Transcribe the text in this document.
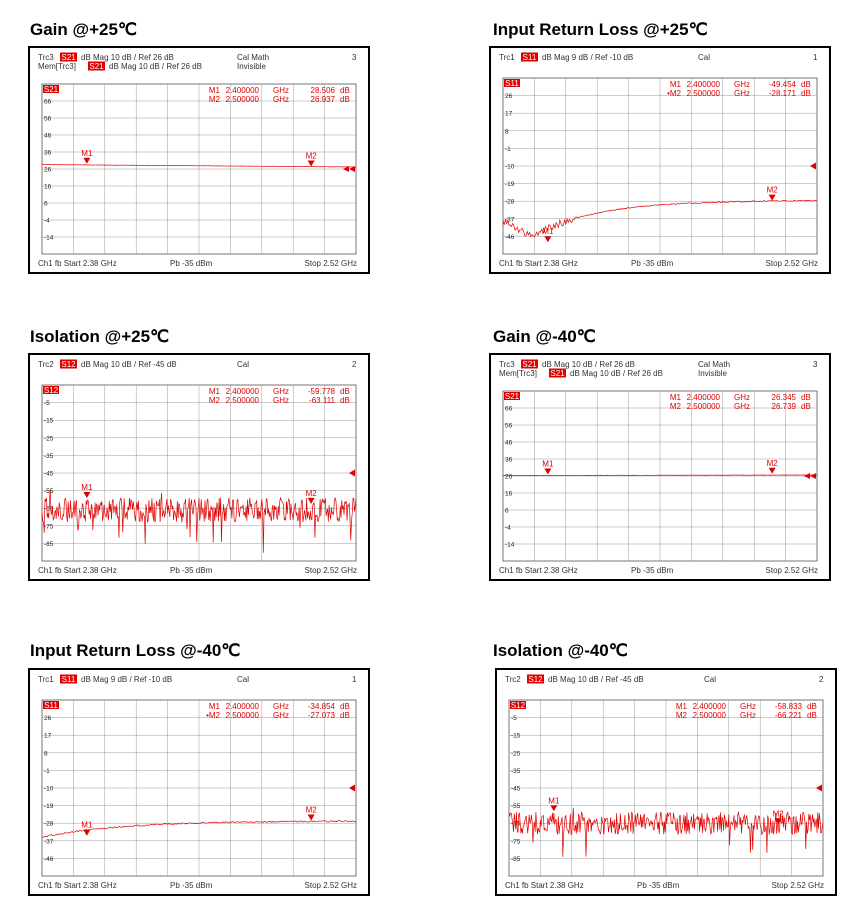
Gain @+25℃	Input Return Loss @+25℃
Isolation @+25℃	Gain @-40℃
Input Return Loss @-40℃	Isolation @-40℃
Trc3 S21 dB Mag 10 dB / Ref 26 dB	Cal Math	3
Mem[Trc3] S21 dB Mag 10 dB / Ref 26 dB	Invisible
S21
66
56
46
36
26
16
6
-4
-14
M1	M2
M1 2.400000 GHz	28.506 dB
M2 2.500000 GHz	26.937 dB
Ch1 fb Start 2.38 GHz	Pb -35 dBm	Stop 2.52 GHz
Trc1 S11 dB Mag 9 dB / Ref -10 dB	Cal	1
S11
26
17
8
-1
-10
-19
-28
-37
-46
M1
M2
M1 2.400000 GHz -49.454 dB
•M2 2.500000 GHz -28.171 dB
Ch1 fb Start 2.38 GHz	Pb -35 dBm	Stop 2.52 GHz
Trc2 S12 dB Mag 10 dB / Ref -45 dB	Cal	2
S12
-5
-15
-25
-35
-45
-55
-65
-75
-85
M1
M2
M1 2.400000 GHz -59.778 dB
M2 2.500000 GHz	-63.111 dB
Ch1 fb Start 2.38 GHz	Pb -35 dBm	Stop 2.52 GHz
Trc3 S21 dB Mag 10 dB / Ref 26 dB	Cal Math	3
Mem[Trc3] S21 dB Mag 10 dB / Ref 26 dB	Invisible
S21
66
56
46
36
26
16
6
-4
-14
M1	M2
M1 2.400000 GHz	26.345 dB
M2 2.500000 GHz	26.739 dB
Ch1 fb Start 2.38 GHz	Pb -35 dBm	Stop 2.52 GHz
Trc1 S11 dB Mag 9 dB / Ref -10 dB	Cal	1
S11
26
17
8
-1
-10
-19
-28
-37
-46
M1
M2
M1 2.400000 GHz -34.854 dB
•M2 2.500000 GHz -27.073 dB
Ch1 fb Start 2.38 GHz	Pb -35 dBm	Stop 2.52 GHz
Trc2 S12 dB Mag 10 dB / Ref -45 dB	Cal	2
S12
-5
-15
-25
-35
-45
-55
-65
-75
-85
M1
M2
M1 2.400000 GHz -58.833 dB
M2 2.500000 GHz -66.221 dB
Ch1 fb Start 2.38 GHz	Pb -35 dBm	Stop 2.52 GHz
